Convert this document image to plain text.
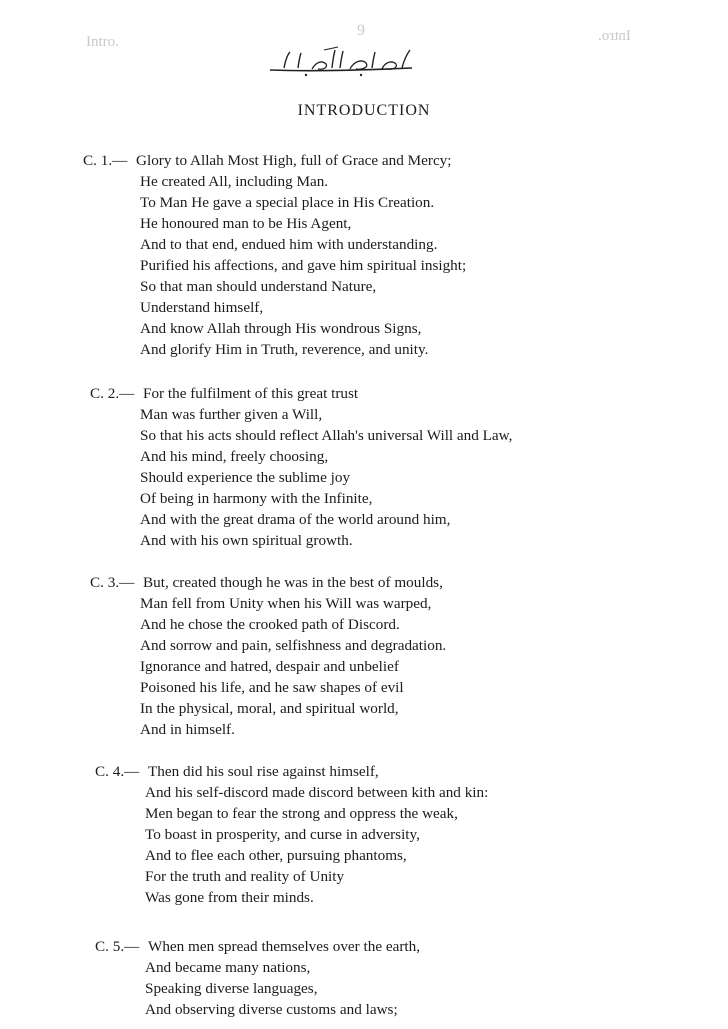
9
Intro.	Intro.
INTRODUCTION
C. 1.— Glory to Allah Most High, full of Grace and Mercy;
He created All, including Man.
To Man He gave a special place in His Creation.
He honoured man to be His Agent,
And to that end, endued him with understanding.
Purified his affections, and gave him spiritual insight;
So that man should understand Nature,
Understand himself,
And know Allah through His wondrous Signs,
And glorify Him in Truth, reverence, and unity.
C. 2.— For the fulfilment of this great trust
Man was further given a Will,
So that his acts should reflect Allah's universal Will and Law,
And his mind, freely choosing,
Should experience the sublime joy
Of being in harmony with the Infinite,
And with the great drama of the world around him,
And with his own spiritual growth.
C. 3.— But, created though he was in the best of moulds,
Man fell from Unity when his Will was warped,
And he chose the crooked path of Discord.
And sorrow and pain, selfishness and degradation.
Ignorance and hatred, despair and unbelief
Poisoned his life, and he saw shapes of evil
In the physical, moral, and spiritual world,
And in himself.
C. 4.— Then did his soul rise against himself,
And his self-discord made discord between kith and kin:
Men began to fear the strong and oppress the weak,
To boast in prosperity, and curse in adversity,
And to flee each other, pursuing phantoms,
For the truth and reality of Unity
Was gone from their minds.
C. 5.— When men spread themselves over the earth,
And became many nations,
Speaking diverse languages,
And observing diverse customs and laws;
